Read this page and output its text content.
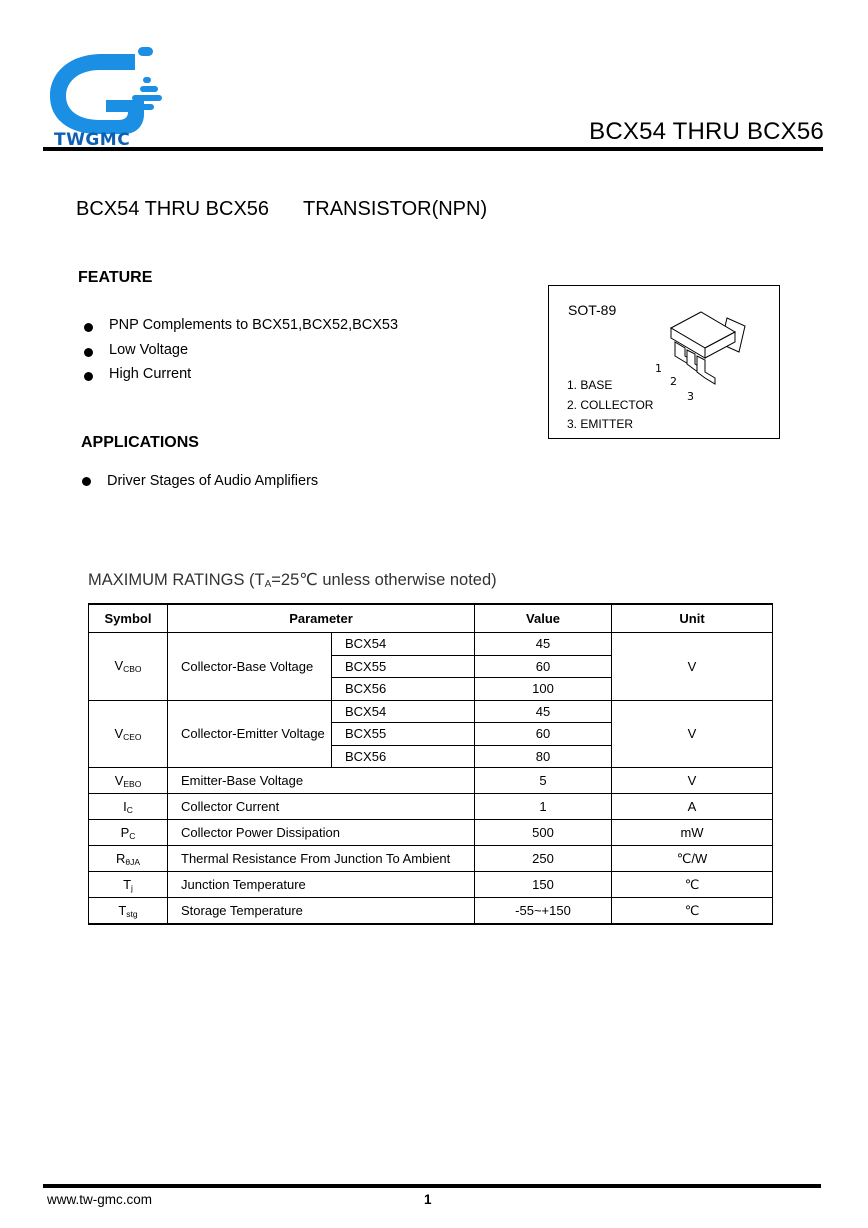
TWGMC	BCX54 THRU BCX56
BCX54 THRU BCX56 TRANSISTOR(NPN)
FEATURE
PNP Complements to BCX51,BCX52,BCX53
Low Voltage
High Current
APPLICATIONS
Driver Stages of Audio Amplifiers
SOT-89
1
2
3
1. BASE
2. COLLECTOR
3. EMITTER
MAXIMUM RATINGS ($T_A=25℃$ unless otherwise noted)
Symbol	Parameter		Value	Unit
$V_{CBO}$	Collector-Base Voltage	BCX54	45	V
		BCX55	60	
		BCX56	100	
$V_{CEO}$	Collector-Emitter Voltage	BCX54	45	V
		BCX55	60	
		BCX56	80	
$V_{EBO}$	Emitter-Base Voltage		5	V
$I_C$	Collector Current		1	A
$P_C$	Collector Power Dissipation		500	mW
$R_{\theta JA}$	Thermal Resistance From Junction To Ambient		250	℃/W
$T_j$	Junction Temperature		150	℃
$T_{stg}$	Storage Temperature		-55~+150	℃
www.tw-gmc.com	1
